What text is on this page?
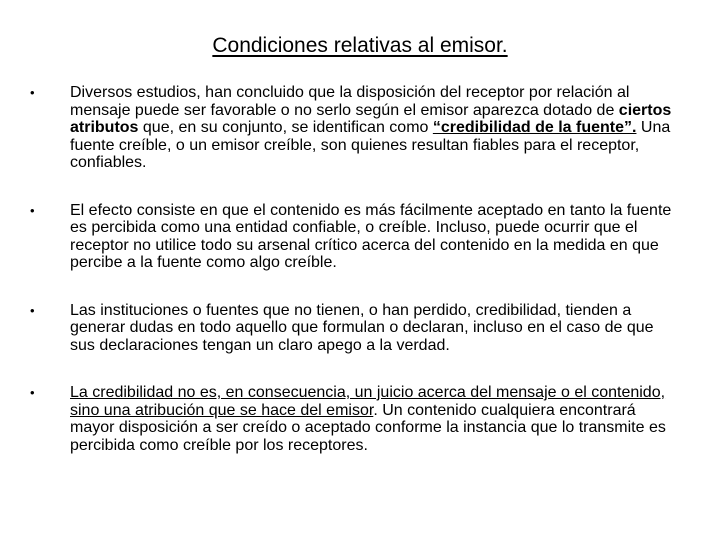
Condiciones relativas al emisor.
•	Diversos estudios, han concluido que la disposición del receptor por relación al mensaje puede ser favorable o no serlo según el emisor aparezca dotado de ciertos atributos que, en su conjunto, se identifican como “credibilidad de la fuente”. Una fuente creíble, o un emisor creíble, son quienes resultan fiables para el receptor, confiables.
•	El efecto consiste en que el contenido es más fácilmente aceptado en tanto la fuente es percibida como una entidad confiable, o creíble. Incluso, puede ocurrir que el receptor no utilice todo su arsenal crítico acerca del contenido en la medida en que percibe a la fuente como algo creíble.
•	Las instituciones o fuentes que no tienen, o han perdido, credibilidad, tienden a generar dudas en todo aquello que formulan o declaran, incluso en el caso de que sus declaraciones tengan un claro apego a la verdad.
•	La credibilidad no es, en consecuencia, un juicio acerca del mensaje o el contenido, sino una atribución que se hace del emisor. Un contenido cualquiera encontrará mayor disposición a ser creído o aceptado conforme la instancia que lo transmite es percibida como creíble por los receptores.
